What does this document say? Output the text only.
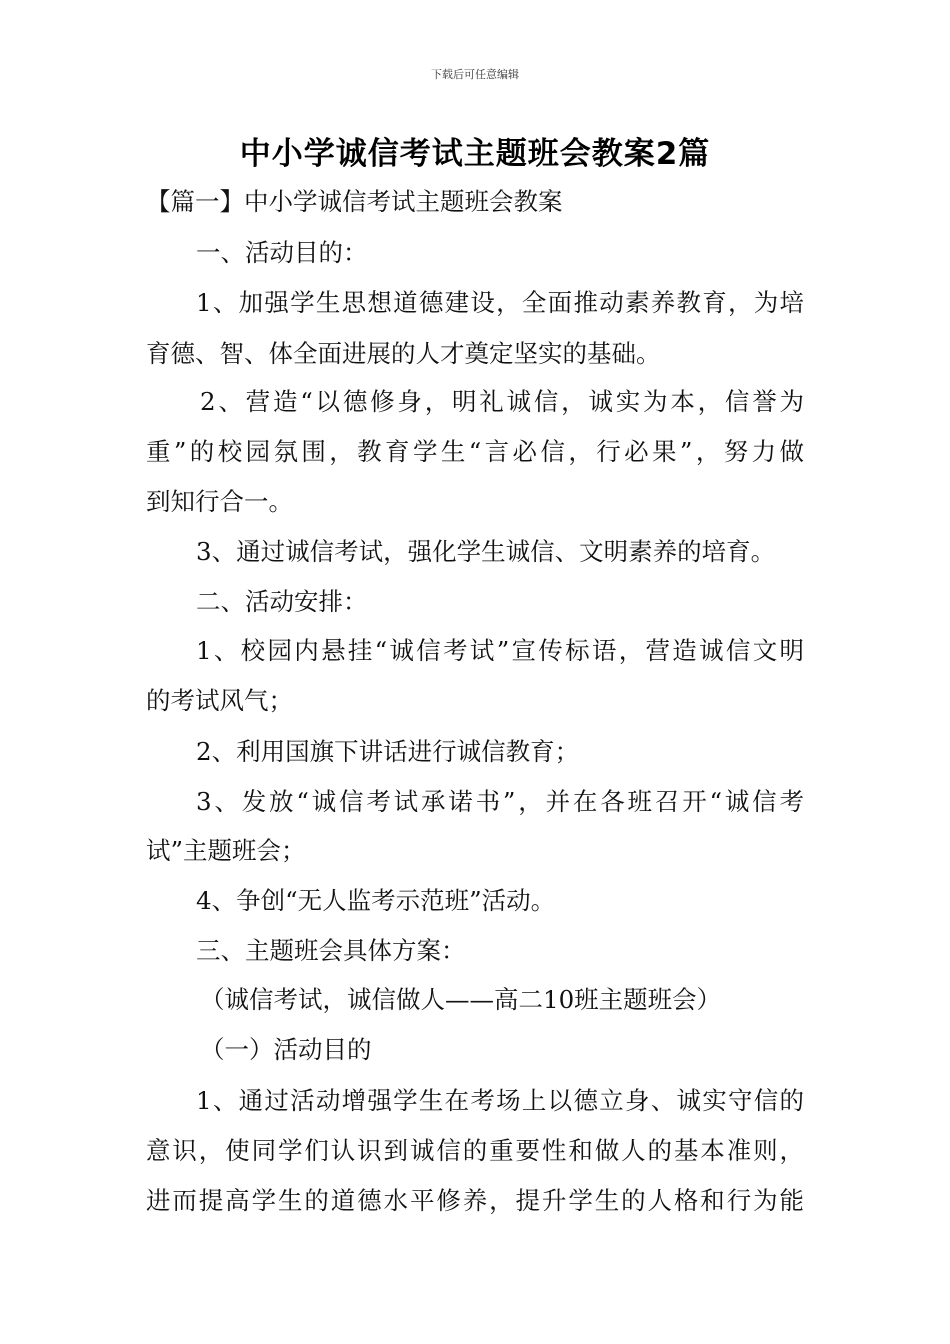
下载后可任意编辑
中小学诚信考试主题班会教案2篇
【篇一】中小学诚信考试主题班会教案
一、活动目的：
1、加强学生思想道德建设，全面推动素养教育，为培
育德、智、体全面进展的人才奠定坚实的基础。
2、营造“以德修身，明礼诚信，诚实为本，信誉为
重”的校园氛围，教育学生“言必信，行必果”，努力做
到知行合一。
3、通过诚信考试，强化学生诚信、文明素养的培育。
二、活动安排：
1、校园内悬挂“诚信考试”宣传标语，营造诚信文明
的考试风气；
2、利用国旗下讲话进行诚信教育；
3、发放“诚信考试承诺书”，并在各班召开“诚信考
试”主题班会；
4、争创“无人监考示范班”活动。
三、主题班会具体方案：
（诚信考试，诚信做人——高二10班主题班会）
（一）活动目的
1、通过活动增强学生在考场上以德立身、诚实守信的
意识，使同学们认识到诚信的重要性和做人的基本准则，
进而提高学生的道德水平修养，提升学生的人格和行为能
